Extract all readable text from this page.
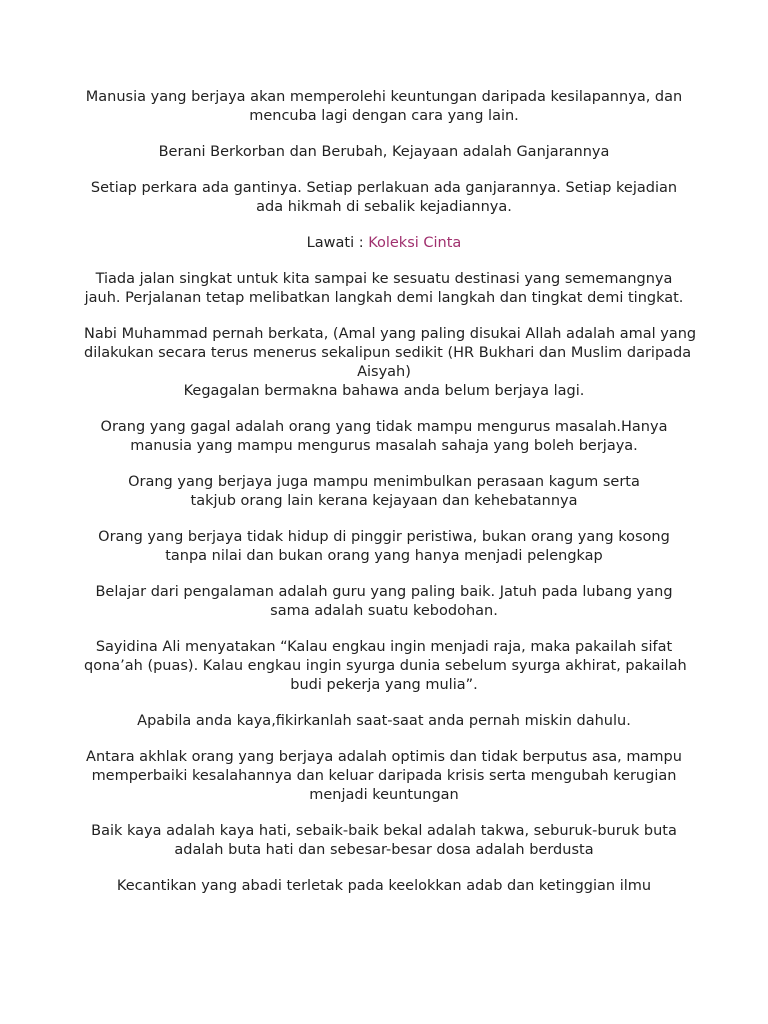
Manusia yang berjaya akan memperolehi keuntungan daripada kesilapannya, dan
mencuba lagi dengan cara yang lain.

Berani Berkorban dan Berubah, Kejayaan adalah Ganjarannya

Setiap perkara ada gantinya. Setiap perlakuan ada ganjarannya. Setiap kejadian
ada hikmah di sebalik kejadiannya.

Lawati : Koleksi Cinta

Tiada jalan singkat untuk kita sampai ke sesuatu destinasi yang sememangnya
jauh. Perjalanan tetap melibatkan langkah demi langkah dan tingkat demi tingkat.

Nabi Muhammad pernah berkata, (Amal yang paling disukai Allah adalah amal yang
dilakukan secara terus menerus sekalipun sedikit (HR Bukhari dan Muslim daripada
Aisyah)
Kegagalan bermakna bahawa anda belum berjaya lagi.

Orang yang gagal adalah orang yang tidak mampu mengurus masalah.Hanya
manusia yang mampu mengurus masalah sahaja yang boleh berjaya.

Orang yang berjaya juga mampu menimbulkan perasaan kagum serta
takjub orang lain kerana kejayaan dan kehebatannya

Orang yang berjaya tidak hidup di pinggir peristiwa, bukan orang yang kosong
tanpa nilai dan bukan orang yang hanya menjadi pelengkap

Belajar dari pengalaman adalah guru yang paling baik. Jatuh pada lubang yang
sama adalah suatu kebodohan.

Sayidina Ali menyatakan “Kalau engkau ingin menjadi raja, maka pakailah sifat
qona’ah (puas). Kalau engkau ingin syurga dunia sebelum syurga akhirat, pakailah
budi pekerja yang mulia”.

Apabila anda kaya,fikirkanlah saat-saat anda pernah miskin dahulu.

Antara akhlak orang yang berjaya adalah optimis dan tidak berputus asa, mampu
memperbaiki kesalahannya dan keluar daripada krisis serta mengubah kerugian
menjadi keuntungan

Baik kaya adalah kaya hati, sebaik-baik bekal adalah takwa, seburuk-buruk buta
adalah buta hati dan sebesar-besar dosa adalah berdusta

Kecantikan yang abadi terletak pada keelokkan adab dan ketinggian ilmu
